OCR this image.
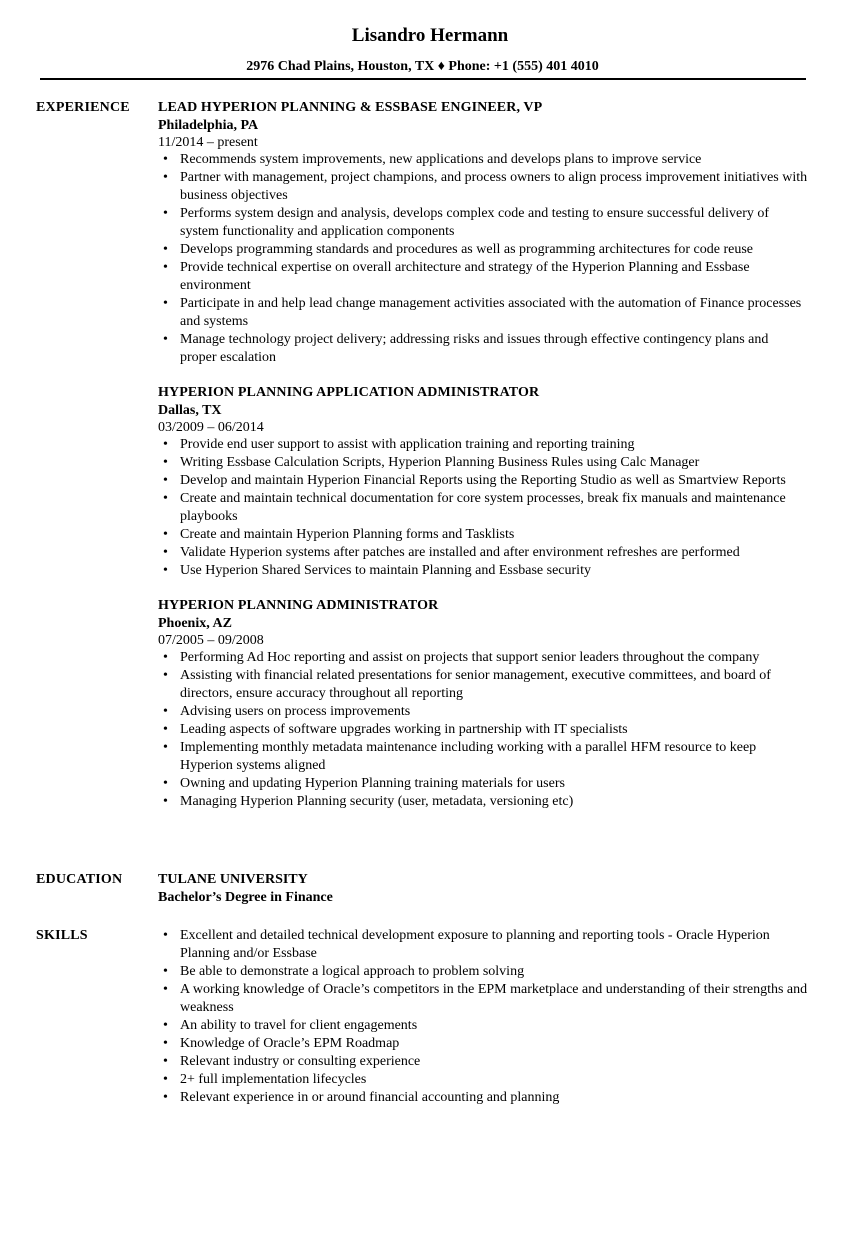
Lisandro Hermann
2976 Chad Plains, Houston, TX ♦ Phone: +1 (555) 401 4010
EXPERIENCE LEAD HYPERION PLANNING & ESSBASE ENGINEER, VP

Philadelphia, PA

11/2014 – present

• Recommends system improvements, new applications and develops plans to improve service
• Partner with management, project champions, and process owners to align process improvement initiatives with business objectives
• Performs system design and analysis, develops complex code and testing to ensure successful delivery of system functionality and application components
• Develops programming standards and procedures as well as programming architectures for code reuse
• Provide technical expertise on overall architecture and strategy of the Hyperion Planning and Essbase environment
• Participate in and help lead change management activities associated with the automation of Finance processes and systems
• Manage technology project delivery; addressing risks and issues through effective contingency plans and proper escalation

HYPERION PLANNING APPLICATION ADMINISTRATOR

Dallas, TX

03/2009 – 06/2014

• Provide end user support to assist with application training and reporting training
• Writing Essbase Calculation Scripts, Hyperion Planning Business Rules using Calc Manager
• Develop and maintain Hyperion Financial Reports using the Reporting Studio as well as Smartview Reports
• Create and maintain technical documentation for core system processes, break fix manuals and maintenance playbooks
• Create and maintain Hyperion Planning forms and Tasklists
• Validate Hyperion systems after patches are installed and after environment refreshes are performed
• Use Hyperion Shared Services to maintain Planning and Essbase security

HYPERION PLANNING ADMINISTRATOR

Phoenix, AZ

07/2005 – 09/2008

• Performing Ad Hoc reporting and assist on projects that support senior leaders throughout the company
• Assisting with financial related presentations for senior management, executive committees, and board of directors, ensure accuracy throughout all reporting
• Advising users on process improvements
• Leading aspects of software upgrades working in partnership with IT specialists
• Implementing monthly metadata maintenance including working with a parallel HFM resource to keep Hyperion systems aligned
• Owning and updating Hyperion Planning training materials for users
• Managing Hyperion Planning security (user, metadata, versioning etc)
EDUCATION	TULANE UNIVERSITY

Bachelor’s Degree in Finance

SKILLS
•	Excellent and detailed technical development exposure to planning and reporting tools - Oracle Hyperion Planning and/or Essbase
• Be able to demonstrate a logical approach to problem solving
• A working knowledge of Oracle’s competitors in the EPM marketplace and understanding of their strengths and weakness
• An ability to travel for client engagements
• Knowledge of Oracle’s EPM Roadmap
• Relevant industry or consulting experience
• 2+ full implementation lifecycles
• Relevant experience in or around financial accounting and planning
